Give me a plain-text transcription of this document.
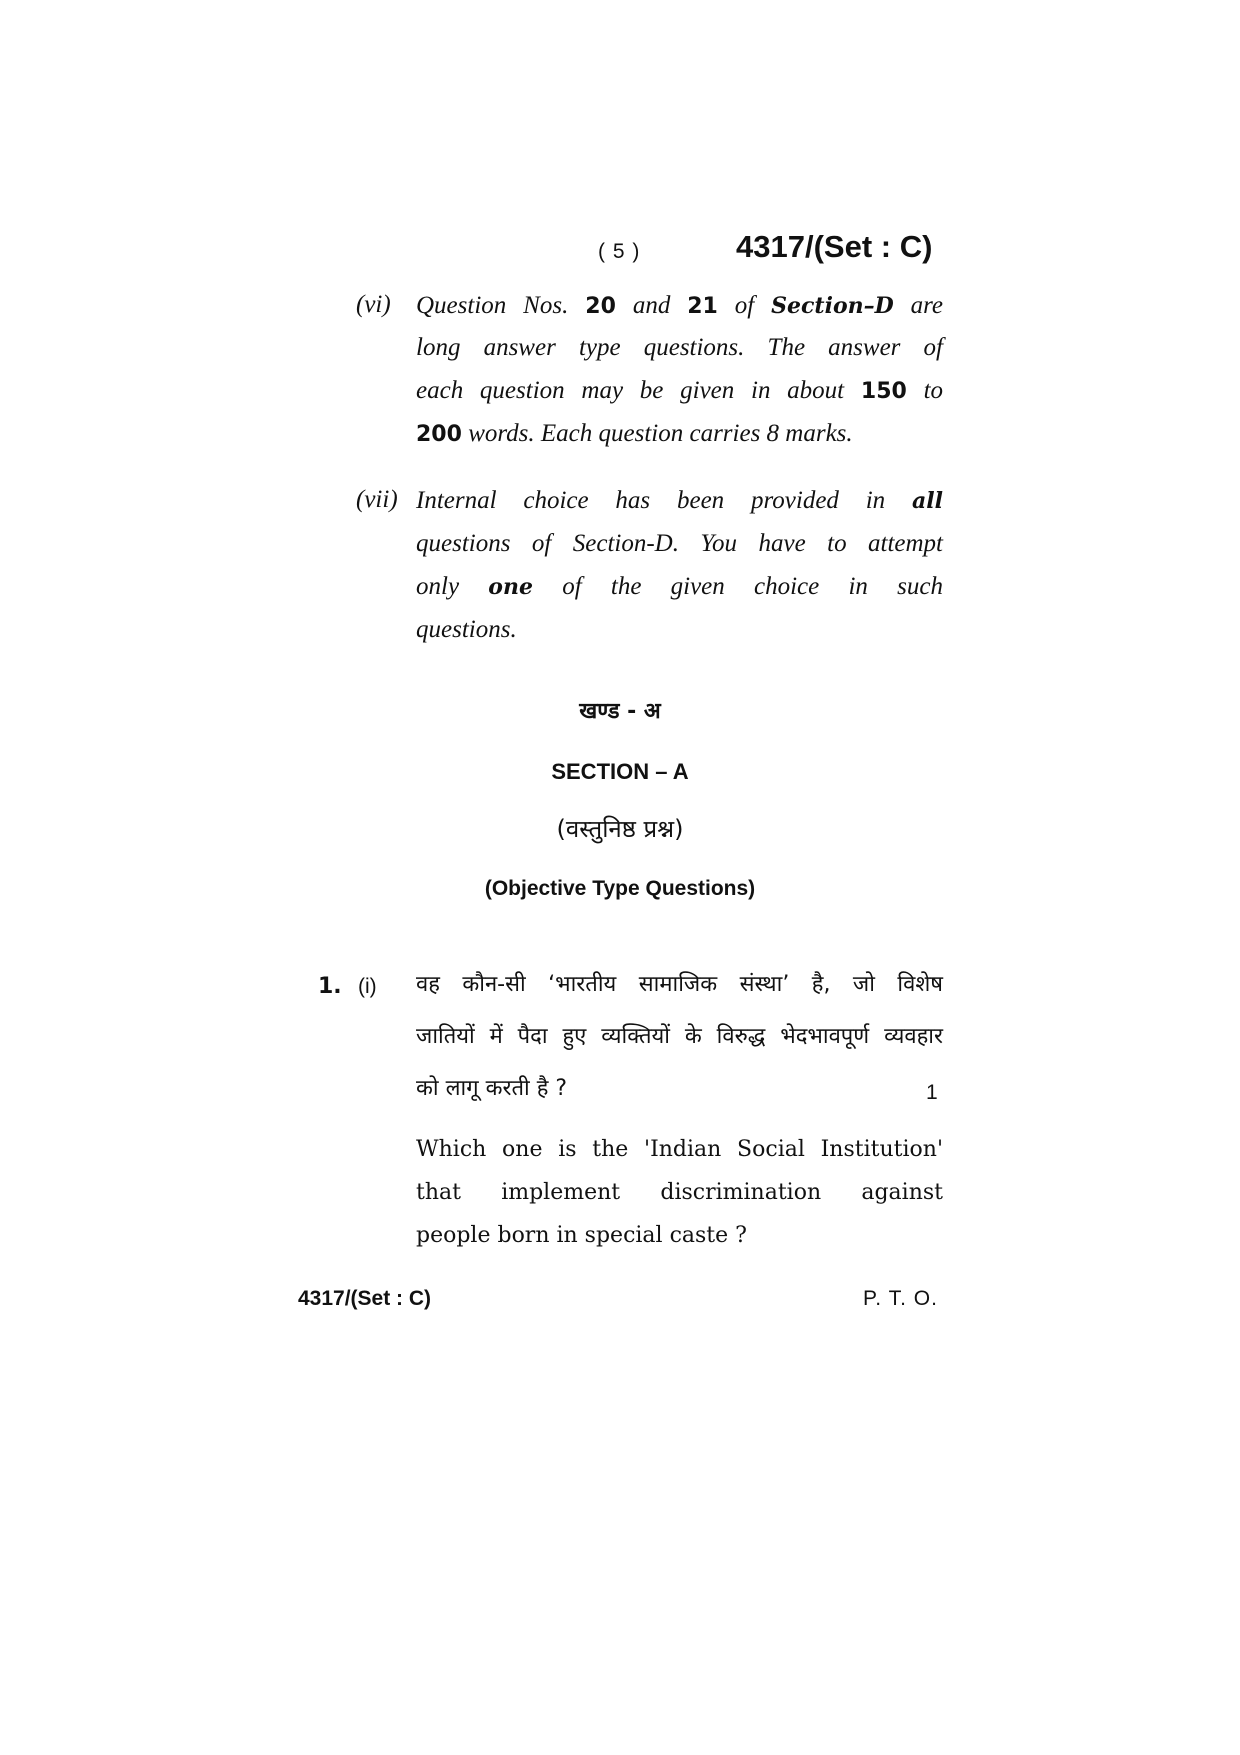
( 5 )	4317/(Set : C)
(vi) Question Nos. 20 and 21 of Section–D are
long answer type questions. The answer of
each question may be given in about 150 to
200 words. Each question carries 8 marks.
(vii) Internal choice has been provided in all
questions of Section-D. You have to attempt
only one of the given choice in such
questions.
खण्ड - अ
SECTION – A
(वस्तुनिष्ठ प्रश्न)
(Objective Type Questions)
1. (i) वह कौन-सी ‘भारतीय सामाजिक संस्था’ है, जो विशेष
जातियों में पैदा हुए व्यक्तियों के विरुद्ध भेदभावपूर्ण व्यवहार
को लागू करती है ?	1
Which one is the 'Indian Social Institution'
that implement discrimination against
people born in special caste ?
4317/(Set : C)	P. T. O.
